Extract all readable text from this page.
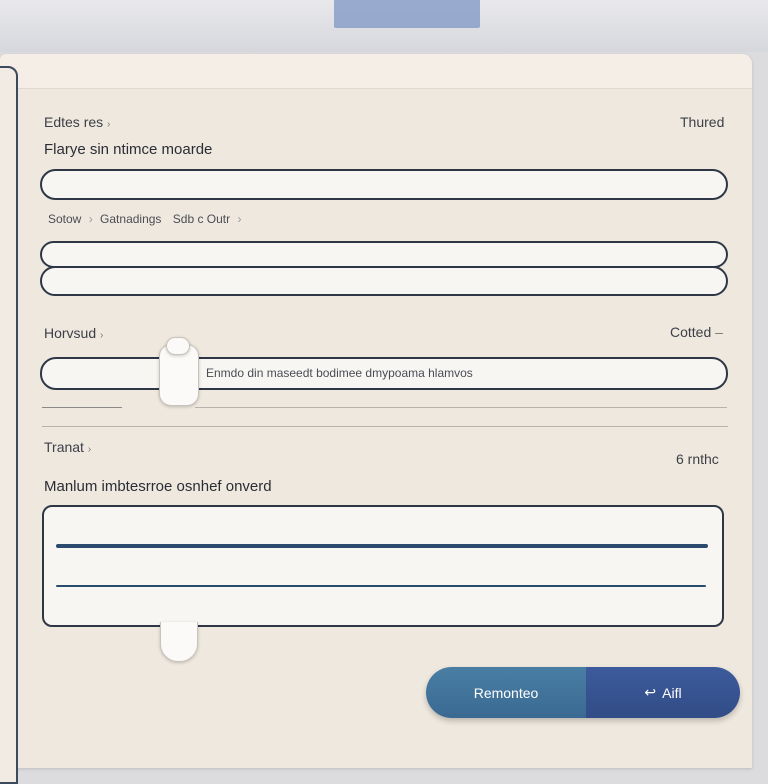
Edtes res ›	Thured
Flarye sin ntimce moarde
Sotow › Gatnadings Sdb c Outr ›
Horvsud ›	Cotted –
Enmdo din maseedt bodimee dmypoama hlamvos
Tranat ›
6 rnthc
Manlum imbtesrroe osnhef onverd
Remonteo	↩ Aifl
